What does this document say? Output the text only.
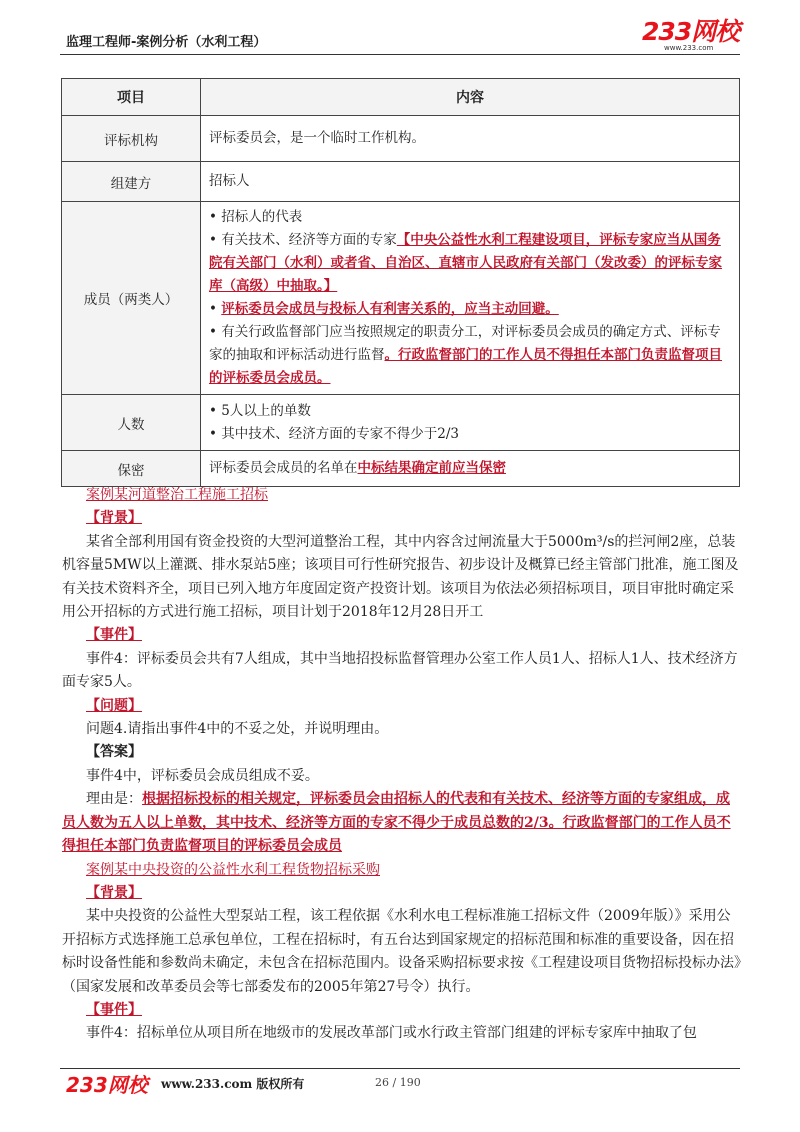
监理工程师-案例分析（水利工程）	233网校
www.233.com
项目	内容
评标机构	评标委员会，是一个临时工作机构。
组建方	招标人
成员（两类人）	• 招标人的代表
• 有关技术、经济等方面的专家【中央公益性水利工程建设项目，评标专家应当从国务院有关部门（水利）或者省、自治区、直辖市人民政府有关部门（发改委）的评标专家库（高级）中抽取。】
• 评标委员会成员与投标人有利害关系的，应当主动回避。
• 有关行政监督部门应当按照规定的职责分工，对评标委员会成员的确定方式、评标专家的抽取和评标活动进行监督。行政监督部门的工作人员不得担任本部门负责监督项目的评标委员会成员。

人数	• 5人以上的单数
• 其中技术、经济方面的专家不得少于2/3

保密	评标委员会成员的名单在中标结果确定前应当保密

案例某河道整治工程施工招标

【背景】

某省全部利用国有资金投资的大型河道整治工程，其中内容含过闸流量大于5000m³/s的拦河闸2座，总装机容量5MW以上灌溉、排水泵站5座；该项目可行性研究报告、初步设计及概算已经主管部门批准，施工图及有关技术资料齐全，项目已列入地方年度固定资产投资计划。该项目为依法必须招标项目，项目审批时确定采用公开招标的方式进行施工招标，项目计划于2018年12月28日开工

【事件】

事件4：评标委员会共有7人组成，其中当地招投标监督管理办公室工作人员1人、招标人1人、技术经济方面专家5人。

【问题】

问题4.请指出事件4中的不妥之处，并说明理由。

【答案】

事件4中，评标委员会成员组成不妥。

理由是：根据招标投标的相关规定，评标委员会由招标人的代表和有关技术、经济等方面的专家组成，成员人数为五人以上单数，其中技术、经济等方面的专家不得少于成员总数的2/3。行政监督部门的工作人员不得担任本部门负责监督项目的评标委员会成员

案例某中央投资的公益性水利工程货物招标采购

【背景】

某中央投资的公益性大型泵站工程，该工程依据《水利水电工程标准施工招标文件（2009年版）》采用公开招标方式选择施工总承包单位，工程在招标时，有五台达到国家规定的招标范围和标准的重要设备，因在招标时设备性能和参数尚未确定，未包含在招标范围内。设备采购招标要求按《工程建设项目货物招标投标办法》（国家发展和改革委员会等七部委发布的2005年第27号令）执行。

【事件】

事件4：招标单位从项目所在地级市的发展改革部门或水行政主管部门组建的评标专家库中抽取了包

233网校 www.233.com 版权所有	26 / 190
